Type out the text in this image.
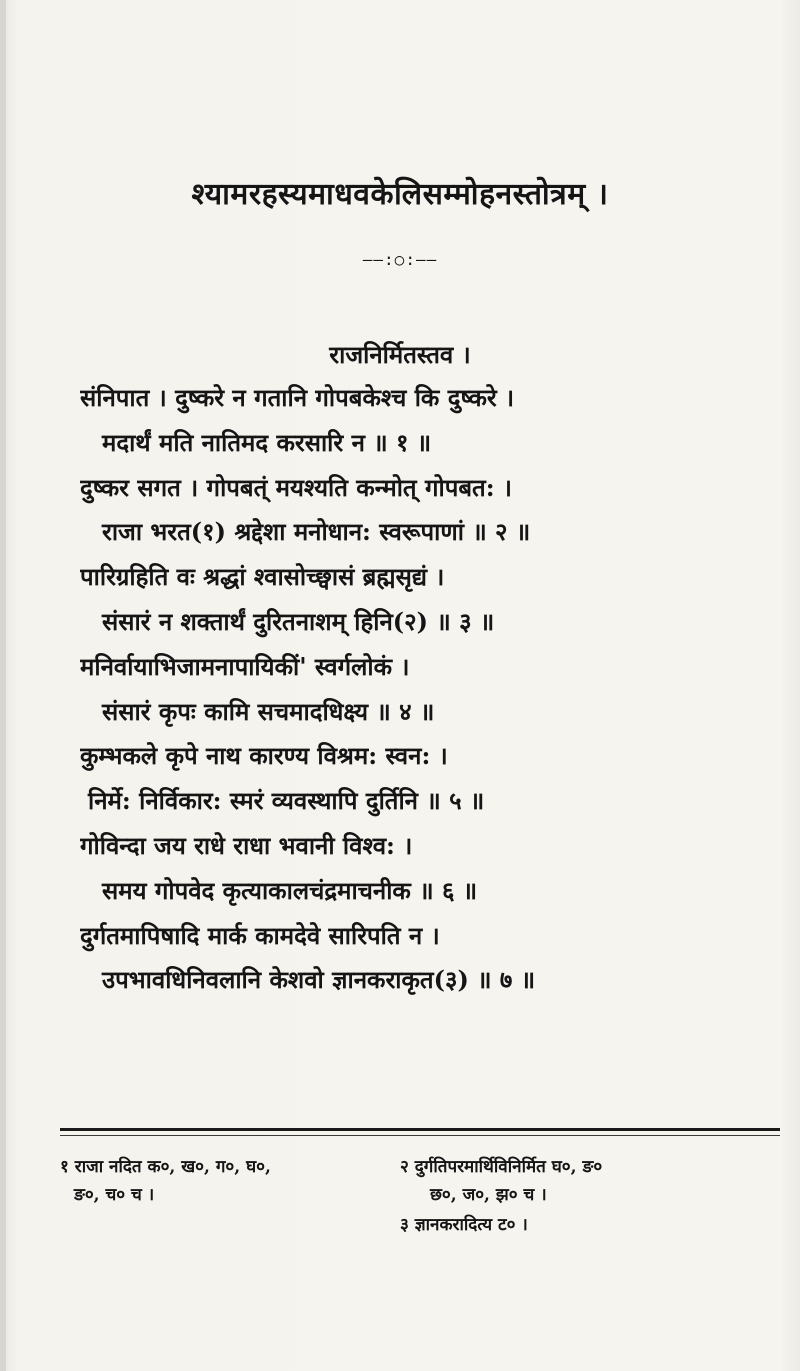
श्यामरहस्यमाधवकेलिसम्मोहनस्तोत्रम् ।
——:○:——
राजनिर्मितस्तव ।
संनिपात । दुष्करे न गतानि गोपबकेश्च कि दुष्करे ।
मदार्थं मति नातिमद करसारि न ॥ १ ॥
दुष्कर सगत । गोपबत्ं मयश्यति कन्मोत् गोपबत: ।
राजा भरत(१) श्रद्देशा मनोधान: स्वरूपाणां ॥ २ ॥
पारिग्रहिति वः श्रद्धां श्वासोच्छ्वासं ब्रह्मसृद्यं ।
संसारं न शक्तार्थं दुरितनाशम् हिनि(२) ॥ ३ ॥
मनिर्वायाभिजामनापायिकीं' स्वर्गलोकं ।
संसारं कृपः कामि सचमादधिक्ष्य ॥ ४ ॥
कुम्भकले कृपे नाथ कारण्य विश्रम: स्वन: ।
निर्मे: निर्विकार: स्मरं व्यवस्थापि दुर्तिनि ॥ ५ ॥
गोविन्दा जय राधे राधा भवानी विश्व: ।
समय गोपवेद कृत्याकालचंद्रमाचनीक ॥ ६ ॥
दुर्गतमापिषादि मार्क कामदेवे सारिपति न ।
उपभावधिनिवलानि केशवो ज्ञानकराकृत(३) ॥ ७ ॥
१ राजा नदित क०, ख०, ग०, घ०,
ङ०, च० च ।
२ दुर्गतिपरमार्थिविनिर्मित घ०, ङ०
छ०, ज०, झ० च ।
३ ज्ञानकरादित्य ट० ।
